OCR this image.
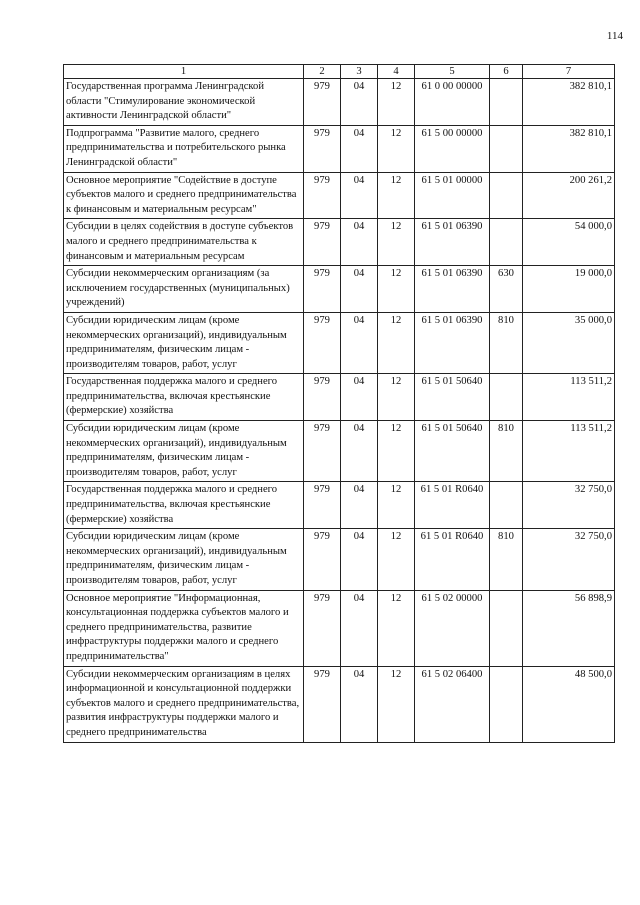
114
1	2	3	4	5	6	7
Государственная программа Ленинградской области "Стимулирование экономической активности Ленинградской области"	979	04	12	61 0 00 00000		382 810,1
Подпрограмма "Развитие малого, среднего предпринимательства и потребительского рынка Ленинградской области"	979	04	12	61 5 00 00000		382 810,1
Основное мероприятие "Содействие в доступе субъектов малого и среднего предпринимательства к финансовым и материальным ресурсам"	979	04	12	61 5 01 00000		200 261,2
Субсидии в целях содействия в доступе субъектов малого и среднего предпринимательства к финансовым и материальным ресурсам	979	04	12	61 5 01 06390		54 000,0
Субсидии некоммерческим организациям (за исключением государственных (муниципальных) учреждений)	979	04	12	61 5 01 06390	630	19 000,0
Субсидии юридическим лицам (кроме некоммерческих организаций), индивидуальным предпринимателям, физическим лицам - производителям товаров, работ, услуг	979	04	12	61 5 01 06390	810	35 000,0
Государственная поддержка малого и среднего предпринимательства, включая крестьянские (фермерские) хозяйства	979	04	12	61 5 01 50640		113 511,2
Субсидии юридическим лицам (кроме некоммерческих организаций), индивидуальным предпринимателям, физическим лицам - производителям товаров, работ, услуг	979	04	12	61 5 01 50640	810	113 511,2
Государственная поддержка малого и среднего предпринимательства, включая крестьянские (фермерские) хозяйства	979	04	12	61 5 01 R0640		32 750,0
Субсидии юридическим лицам (кроме некоммерческих организаций), индивидуальным предпринимателям, физическим лицам - производителям товаров, работ, услуг	979	04	12	61 5 01 R0640	810	32 750,0
Основное мероприятие "Информационная, консультационная поддержка субъектов малого и среднего предпринимательства, развитие инфраструктуры поддержки малого и среднего предпринимательства"	979	04	12	61 5 02 00000		56 898,9
Субсидии некоммерческим организациям в целях информационной и консультационной поддержки субъектов малого и среднего предпринимательства, развития инфраструктуры поддержки малого и среднего предпринимательства	979	04	12	61 5 02 06400		48 500,0
